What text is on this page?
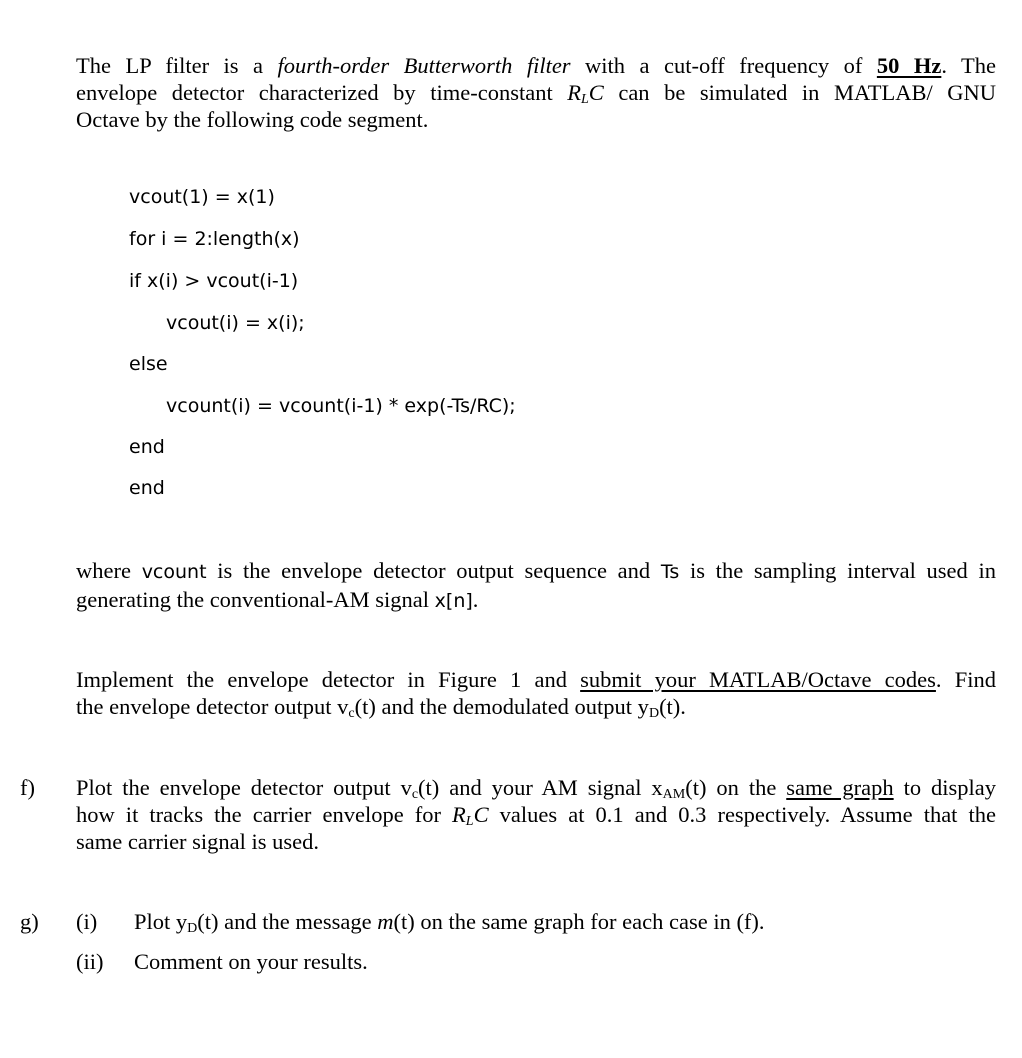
The LP filter is a fourth-order Butterworth filter with a cut-off frequency of 50 Hz. The
envelope detector characterized by time-constant $R_LC$ can be simulated in MATLAB/ GNU
Octave by the following code segment.
vcout(1) = x(1)
for i = 2:length(x)
if x(i) > vcout(i-1)
vcout(i) = x(i);
else
vcount(i) = vcount(i-1) * exp(-Ts/RC);
end
end
where vcount is the envelope detector output sequence and Ts is the sampling interval used in
generating the conventional-AM signal x[n].
Implement the envelope detector in Figure 1 and submit your MATLAB/Octave codes. Find
the envelope detector output $v_c(t)$ and the demodulated output $y_D(t)$.
f) Plot the envelope detector output $v_c(t)$ and your AM signal $x_{AM}(t)$ on the same graph to display
how it tracks the carrier envelope for $R_LC$ values at 0.1 and 0.3 respectively. Assume that the
same carrier signal is used.
g) (i) Plot $y_D(t)$ and the message m(t) on the same graph for each case in (f).
(ii) Comment on your results.
